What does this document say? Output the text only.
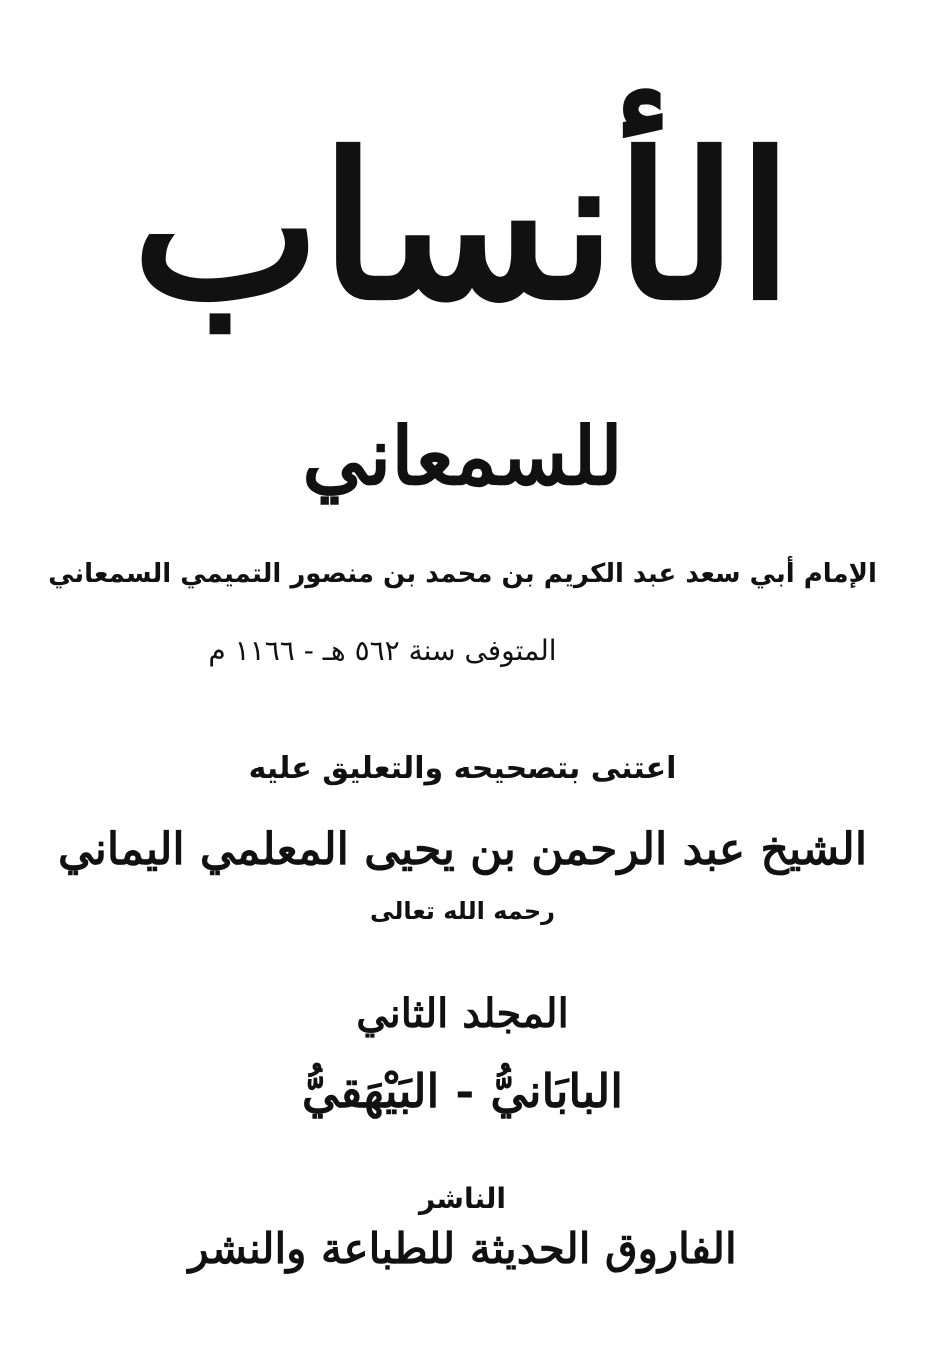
الأنساب
للسمعاني
الإمام أبي سعد عبد الكريم بن محمد بن منصور التميمي السمعاني
المتوفى سنة ٥٦٢ هـ - ١١٦٦ م
اعتنى بتصحيحه والتعليق عليه
الشيخ عبد الرحمن بن يحيى المعلمي اليماني
رحمه الله تعالى
المجلد الثاني
البابَانيُّ - البَيْهَقيُّ
الناشر
الفاروق الحديثة للطباعة والنشر
